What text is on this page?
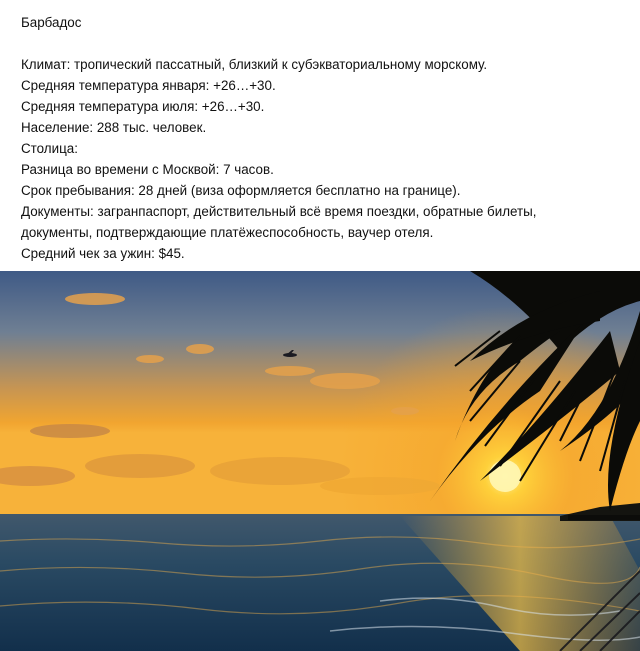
Барбадос
Климат: тропический пассатный, близкий к субэкваториальному морскому.
Средняя температура января: +26…+30.
Средняя температура июля: +26…+30.
Население: 288 тыс. человек.
Столица:
Разница во времени с Москвой: 7 часов.
Срок пребывания: 28 дней (виза оформляется бесплатно на границе).
Документы: загранпаспорт, действительный всё время поездки, обратные билеты,
документы, подтверждающие платёжеспособность, ваучер отеля.
Средний чек за ужин: $45.
